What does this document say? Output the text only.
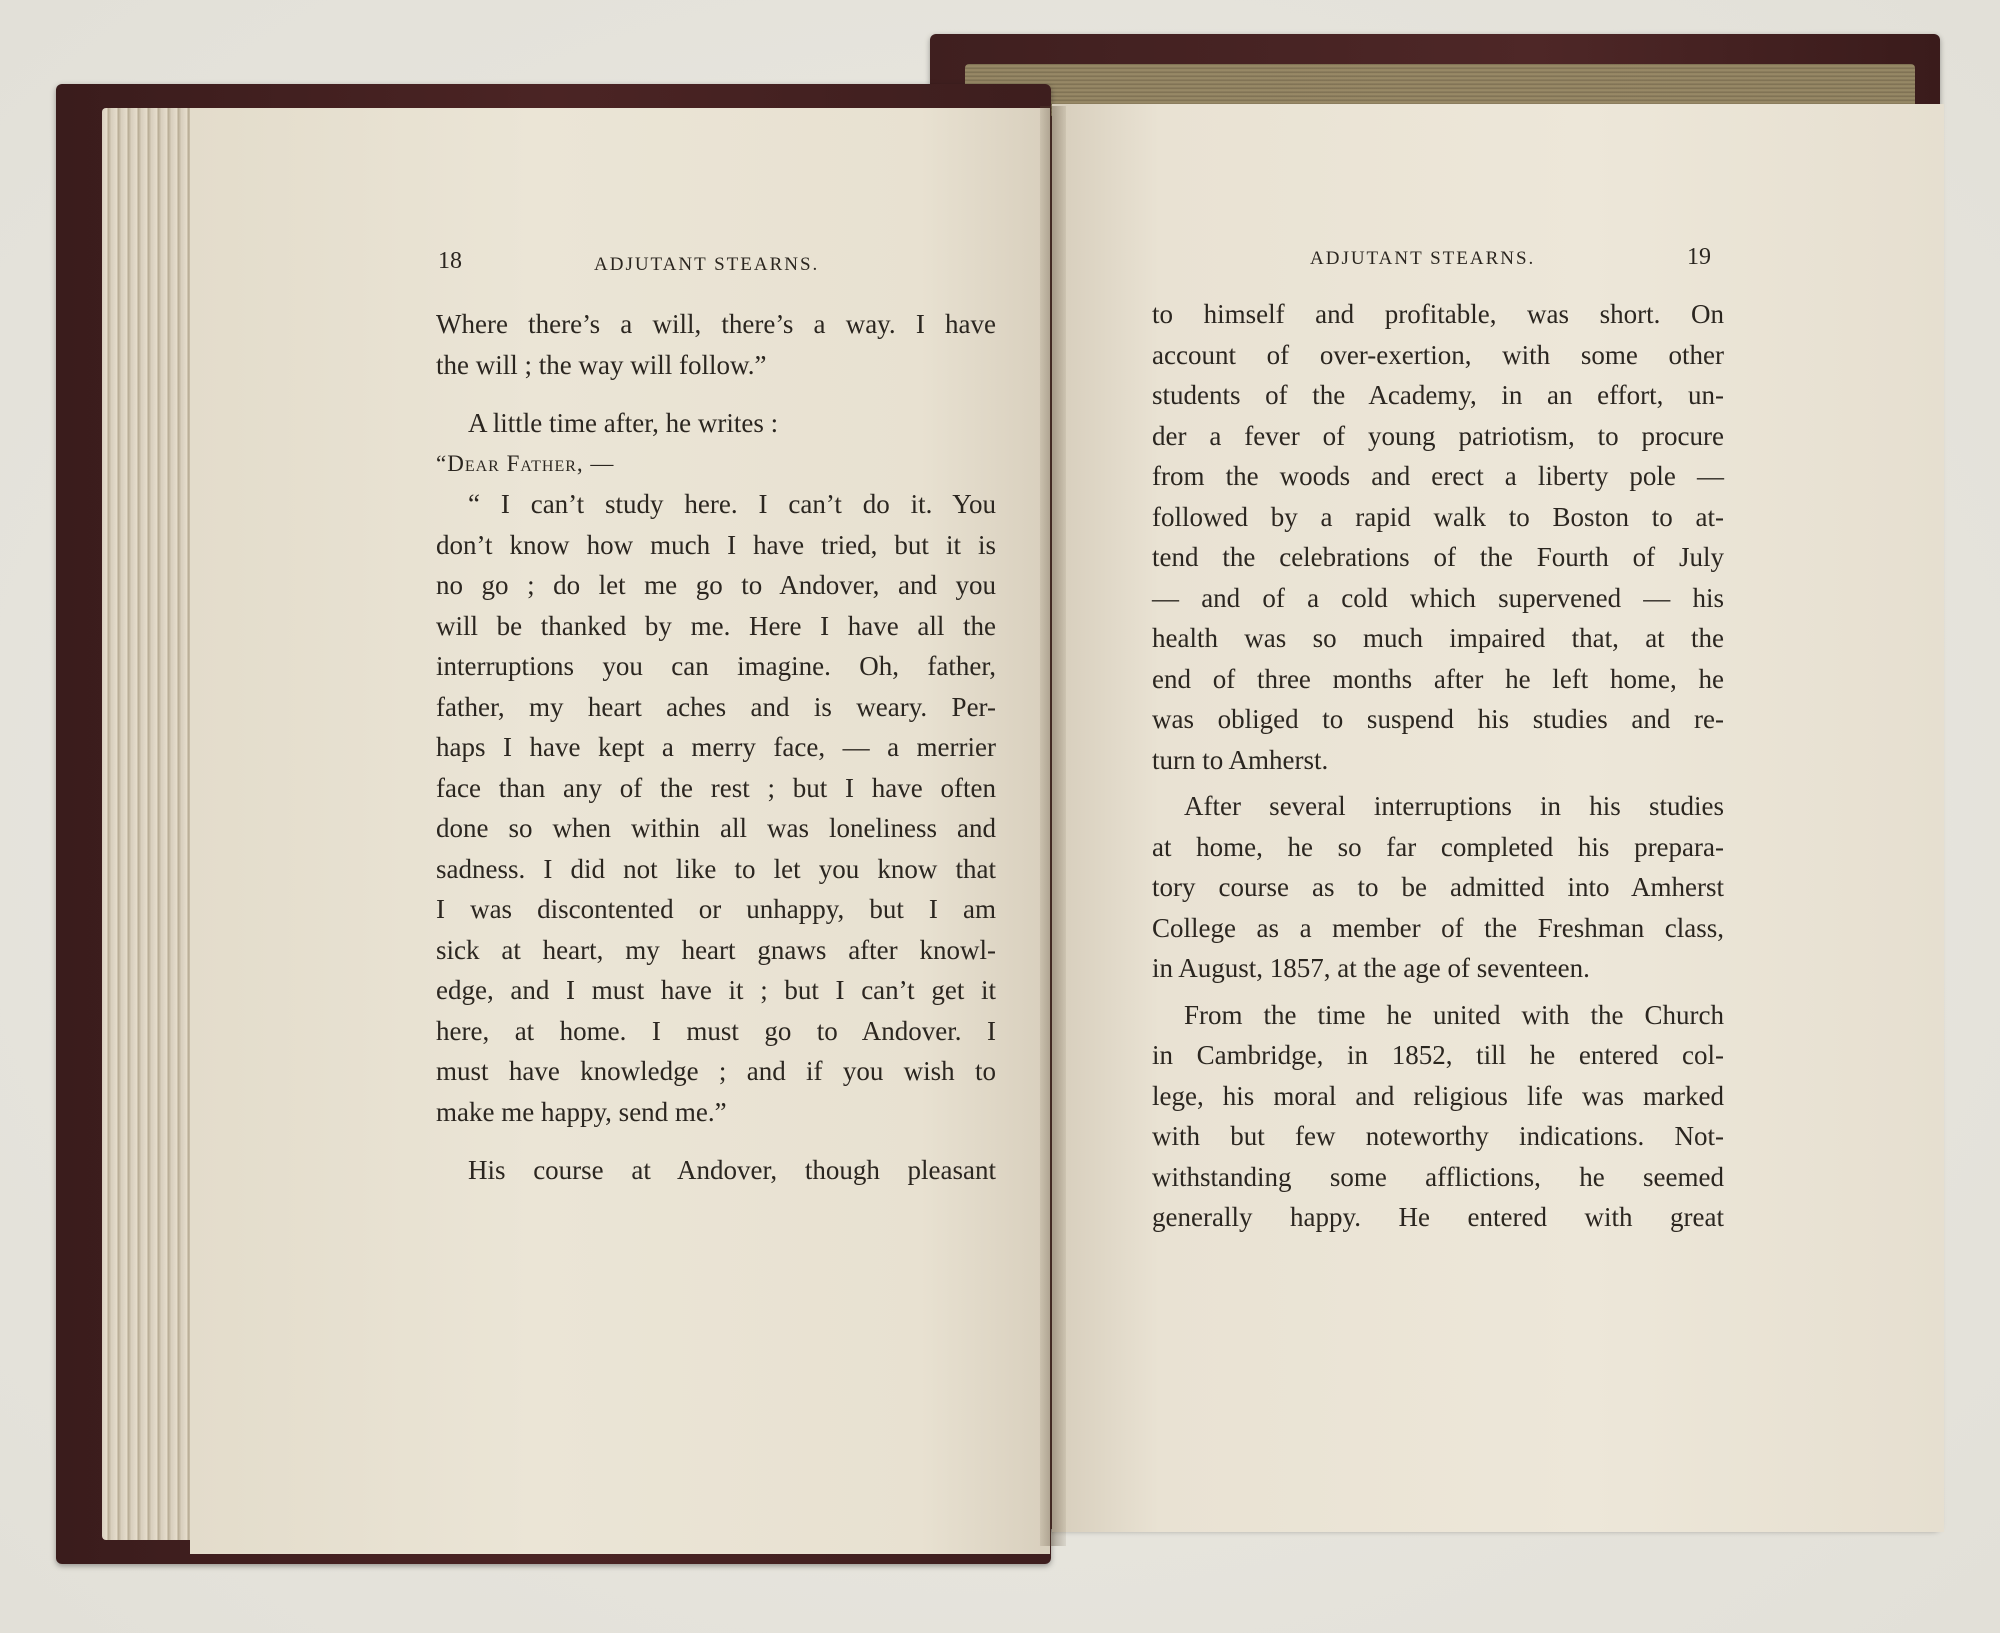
18	ADJUTANT STEARNS.	ADJUTANT STEARNS.	19
Where there’s a will, there’s a way. I have
the will ; the way will follow.”
A little time after, he writes :
“Dear Father, —
“ I can’t study here. I can’t do it. You
don’t know how much I have tried, but it is
no go ; do let me go to Andover, and you
will be thanked by me. Here I have all the
interruptions you can imagine. Oh, father,
father, my heart aches and is weary. Per-
haps I have kept a merry face, — a merrier
face than any of the rest ; but I have often
done so when within all was loneliness and
sadness. I did not like to let you know that
I was discontented or unhappy, but I am
sick at heart, my heart gnaws after knowl-
edge, and I must have it ; but I can’t get it
here, at home. I must go to Andover. I
must have knowledge ; and if you wish to
make me happy, send me.”
His course at Andover, though pleasant
to himself and profitable, was short. On
account of over-exertion, with some other
students of the Academy, in an effort, un-
der a fever of young patriotism, to procure
from the woods and erect a liberty pole —
followed by a rapid walk to Boston to at-
tend the celebrations of the Fourth of July
— and of a cold which supervened — his
health was so much impaired that, at the
end of three months after he left home, he
was obliged to suspend his studies and re-
turn to Amherst.
After several interruptions in his studies
at home, he so far completed his prepara-
tory course as to be admitted into Amherst
College as a member of the Freshman class,
in August, 1857, at the age of seventeen.
From the time he united with the Church
in Cambridge, in 1852, till he entered col-
lege, his moral and religious life was marked
with but few noteworthy indications. Not-
withstanding some afflictions, he seemed
generally happy. He entered with great
